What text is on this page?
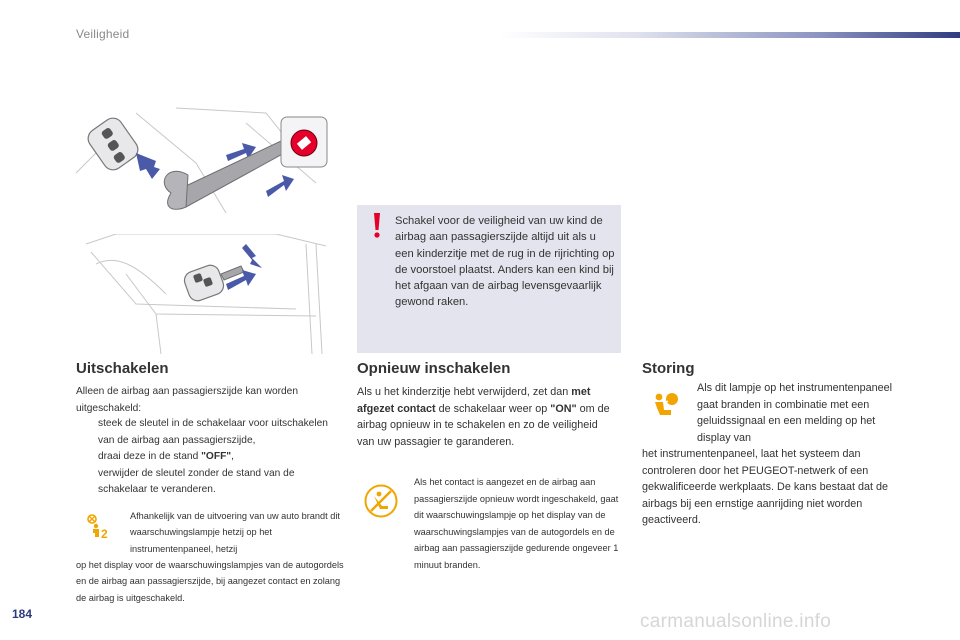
Veiligheid
Schakel voor de veiligheid van uw kind de airbag aan passagierszijde altijd uit als u een kinderzitje met de rug in de rijrichting op de voorstoel plaatst. Anders kan een kind bij het afgaan van de airbag levensgevaarlijk gewond raken.
Uitschakelen
Alleen de airbag aan passagierszijde kan worden uitgeschakeld:
steek de sleutel in de schakelaar voor uitschakelen van de airbag aan passagierszijde,
draai deze in de stand "OFF",
verwijder de sleutel zonder de stand van de schakelaar te veranderen.
2
Afhankelijk van de uitvoering van uw auto brandt dit waarschuwingslampje hetzij op het instrumentenpaneel, hetzij
op het display voor de waarschuwingslampjes van de autogordels en de airbag aan passagierszijde, bij aangezet contact en zolang de airbag is uitgeschakeld.
Opnieuw inschakelen
Als u het kinderzitje hebt verwijderd, zet dan met afgezet contact de schakelaar weer op "ON" om de airbag opnieuw in te schakelen en zo de veiligheid van uw passagier te garanderen.
Als het contact is aangezet en de airbag aan passagierszijde opnieuw wordt ingeschakeld, gaat dit waarschuwingslampje op het display van de waarschuwingslampjes van de autogordels en de airbag aan passagierszijde gedurende ongeveer 1 minuut branden.
Storing
Als dit lampje op het instrumentenpaneel gaat branden in combinatie met een geluidssignaal en een melding op het display van
het instrumentenpaneel, laat het systeem dan controleren door het PEUGEOT-netwerk of een gekwalificeerde werkplaats. De kans bestaat dat de airbags bij een ernstige aanrijding niet worden geactiveerd.
184	carmanualsonline.info
